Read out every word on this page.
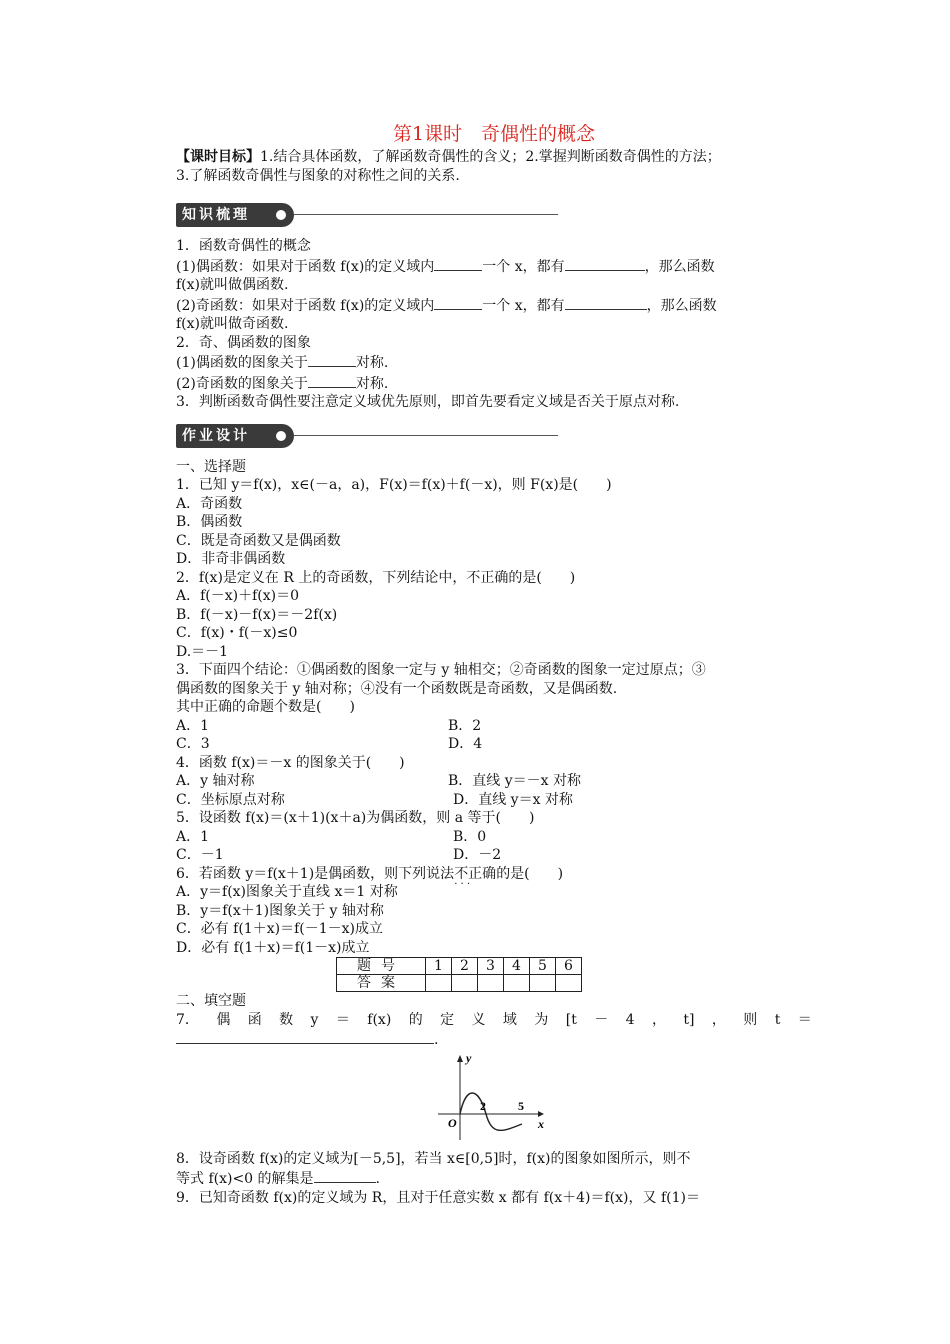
第1课时　奇偶性的概念

【课时目标】1.结合具体函数，了解函数奇偶性的含义；2.掌握判断函数奇偶性的方法；

3.了解函数奇偶性与图象的对称性之间的关系.

知识梳理

1．函数奇偶性的概念

(1)偶函数：如果对于函数 f(x)的定义域内	一个 x，都有	，那么函数

f(x)就叫做偶函数.

(2)奇函数：如果对于函数 f(x)的定义域内	一个 x，都有	，那么函数

f(x)就叫做奇函数.

2．奇、偶函数的图象

(1)偶函数的图象关于	对称.

(2)奇函数的图象关于	对称.

3．判断函数奇偶性要注意定义域优先原则，即首先要看定义域是否关于原点对称.

作业设计

一、选择题

1．已知 y＝f(x)，x∈(－a，a)，F(x)＝f(x)＋f(－x)，则 F(x)是(　　)

A．奇函数

B．偶函数

C．既是奇函数又是偶函数

D．非奇非偶函数

2．f(x)是定义在 R 上的奇函数，下列结论中，不正确的是(　　)

A．f(－x)＋f(x)＝0

B．f(－x)－f(x)＝－2f(x)

C．f(x)・f(－x)≤0

D.＝－1

3．下面四个结论：①偶函数的图象一定与 y 轴相交；②奇函数的图象一定过原点；③

偶函数的图象关于 y 轴对称；④没有一个函数既是奇函数，又是偶函数.

其中正确的命题个数是(　　)

A．1	B．2
C．3	D．4

4．函数 f(x)＝－x 的图象关于(　　)

A．y 轴对称	B．直线 y＝－x 对称
C．坐标原点对称	D．直线 y＝x 对称

5．设函数 f(x)＝(x＋1)(x＋a)为偶函数，则 a 等于(　　)

A．1	B．0
C．－1	D．－2

6．若函数 y＝f(x＋1)是偶函数，则下列说法不正确 · · ·的是(　　)

A．y＝f(x)图象关于直线 x＝1 对称

B．y＝f(x＋1)图象关于 y 轴对称

C．必有 f(1＋x)＝f(－1－x)成立

D．必有 f(1＋x)＝f(1－x)成立

题号	1	2	3	4	5	6
答案						

二、填空题

7． 偶 函 数 y ＝ f(x) 的 定 义 域 为 [t － 4 ， t] ， 则 t ＝

.

y
x
O
2	5

8．设奇函数 f(x)的定义域为[－5,5]，若当 x∈[0,5]时，f(x)的图象如图所示，则不

等式 f(x)<0 的解集是	.

9．已知奇函数 f(x)的定义域为 R，且对于任意实数 x 都有 f(x＋4)＝f(x)，又 f(1)＝
